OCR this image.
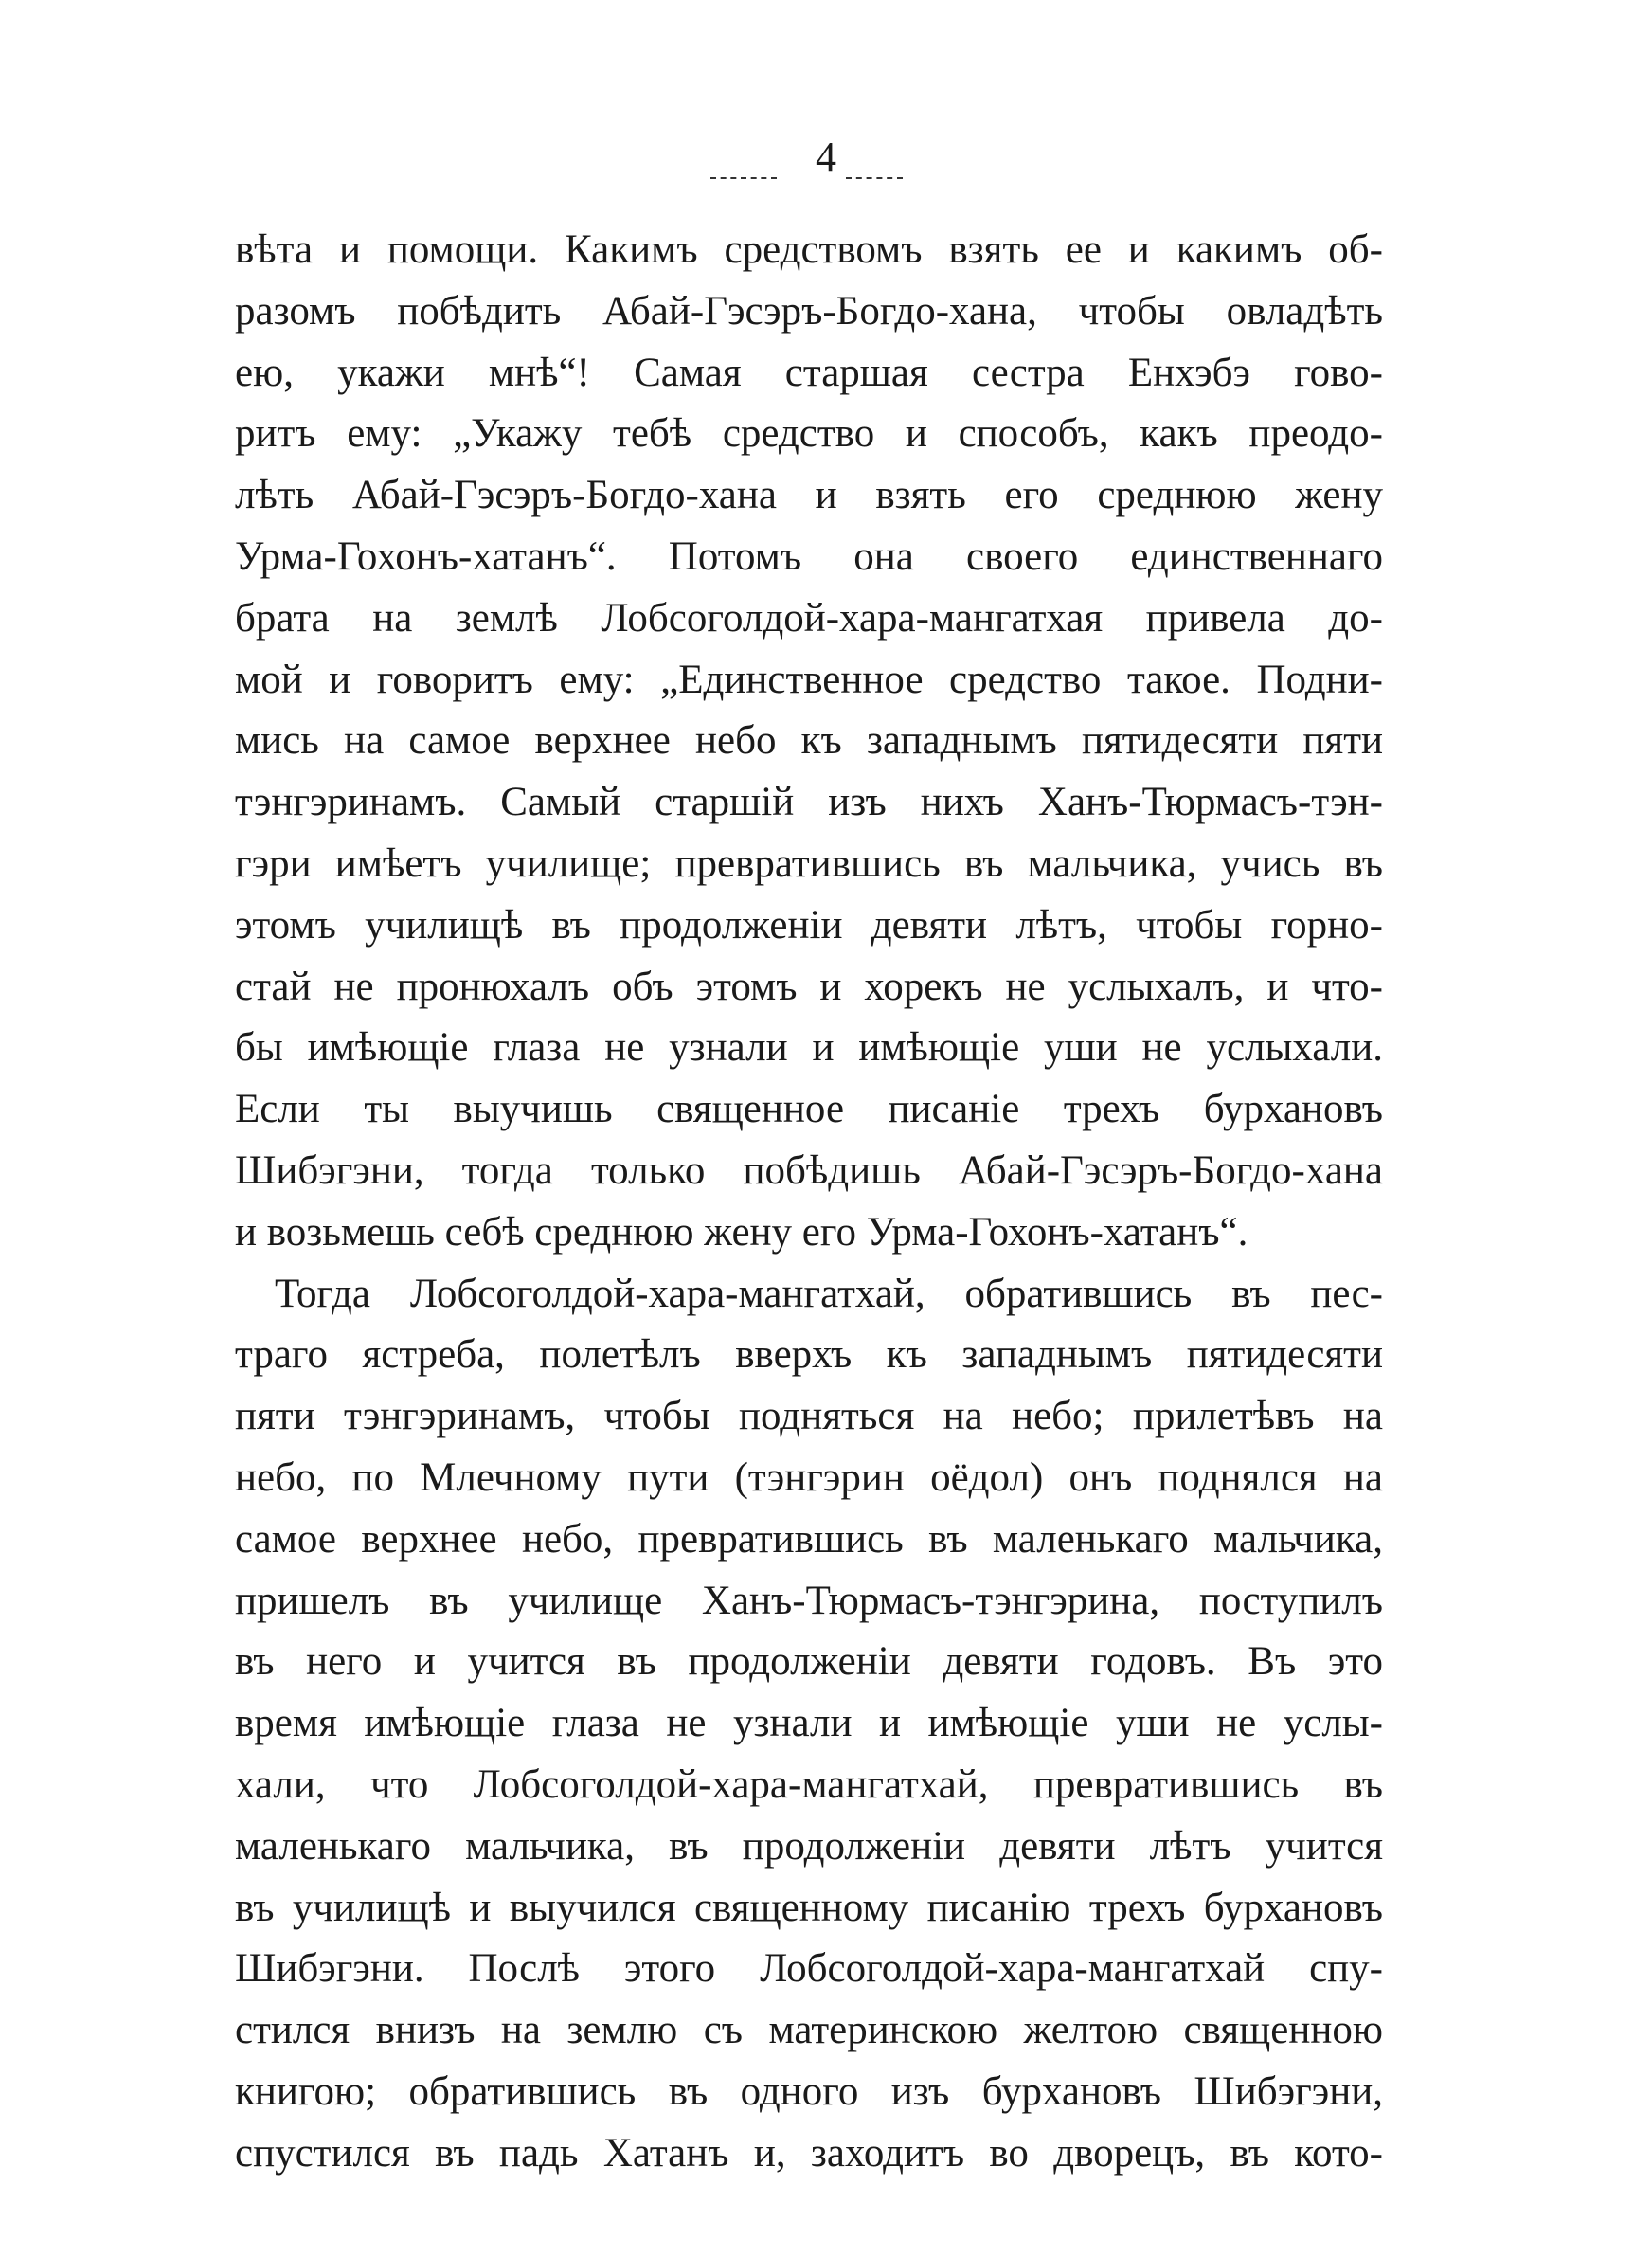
4
вѣта и помощи. Какимъ средствомъ взять ее и какимъ об-
разомъ побѣдить Абай-Гэсэръ-Богдо-хана, чтобы овладѣть
ею, укажи мнѣ“! Самая старшая сестра Енхэбэ гово-
ритъ ему: „Укажу тебѣ средство и способъ, какъ преодо-
лѣть Абай-Гэсэръ-Богдо-хана и взять его среднюю жену
Урма-Гохонъ-хатанъ“. Потомъ она своего единственнаго
брата на землѣ Лобсоголдой-хара-мангатхая привела до-
мой и говоритъ ему: „Единственное средство такое. Подни-
мись на самое верхнее небо къ западнымъ пятидесяти пяти
тэнгэринамъ. Самый старшій изъ нихъ Ханъ-Тюрмасъ-тэн-
гэри имѣетъ училище; превратившись въ мальчика, учись въ
этомъ училищѣ въ продолженіи девяти лѣтъ, чтобы горно-
стай не пронюхалъ объ этомъ и хорекъ не услыхалъ, и что-
бы имѣющіе глаза не узнали и имѣющіе уши не услыхали.
Если ты выучишь священное писаніе трехъ бурхановъ
Шибэгэни, тогда только побѣдишь Абай-Гэсэръ-Богдо-хана
и возьмешь себѣ среднюю жену его Урма-Гохонъ-хатанъ“.
Тогда Лобсоголдой-хара-мангатхай, обратившись въ пес-
траго ястреба, полетѣлъ вверхъ къ западнымъ пятидесяти
пяти тэнгэринамъ, чтобы подняться на небо; прилетѣвъ на
небо, по Млечному пути (тэнгэрин оёдол) онъ поднялся на
самое верхнее небо, превратившись въ маленькаго мальчика,
пришелъ въ училище Ханъ-Тюрмасъ-тэнгэрина, поступилъ
въ него и учится въ продолженіи девяти годовъ. Въ это
время имѣющіе глаза не узнали и имѣющіе уши не услы-
хали, что Лобсоголдой-хара-мангатхай, превратившись въ
маленькаго мальчика, въ продолженіи девяти лѣтъ учится
въ училищѣ и выучился священному писанію трехъ бурхановъ
Шибэгэни. Послѣ этого Лобсоголдой-хара-мангатхай спу-
стился внизъ на землю съ материнскою желтою священною
книгою; обратившись въ одного изъ бурхановъ Шибэгэни,
спустился въ падь Хатанъ и, заходитъ во дворецъ, въ кото-
